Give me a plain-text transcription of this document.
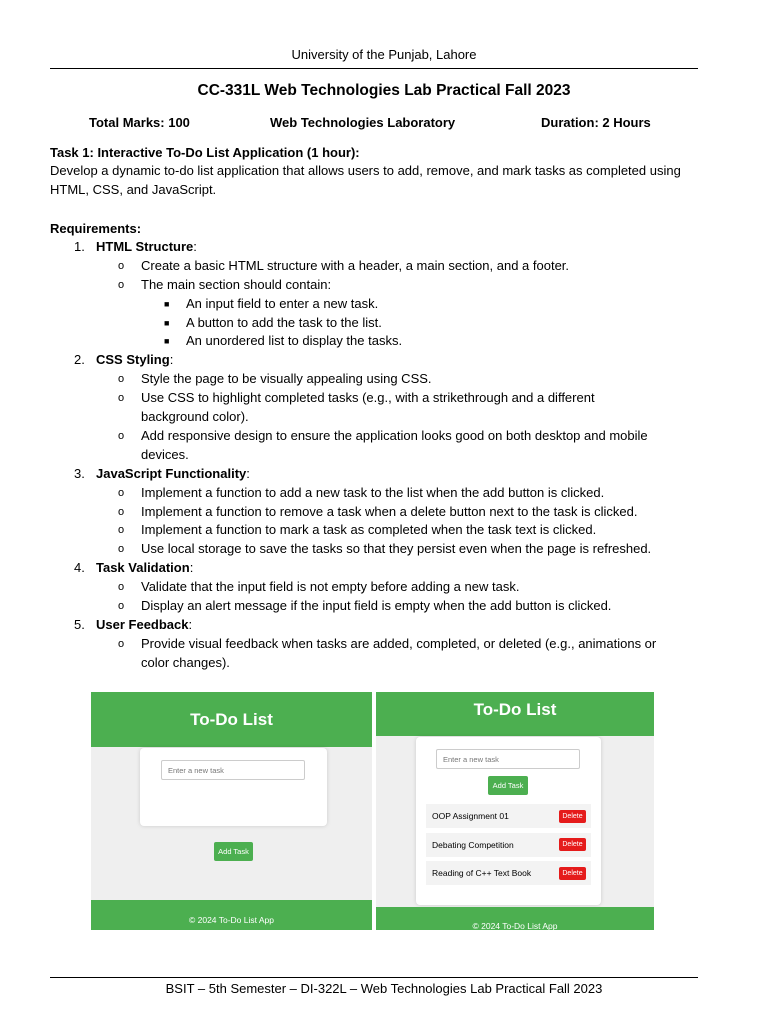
University of the Punjab, Lahore
CC-331L Web Technologies Lab Practical Fall 2023
Total Marks: 100	Web Technologies Laboratory	Duration: 2 Hours
Task 1: Interactive To-Do List Application (1 hour):
Develop a dynamic to-do list application that allows users to add, remove, and mark tasks as completed using HTML, CSS, and JavaScript.
Requirements:
1. HTML Structure:
o Create a basic HTML structure with a header, a main section, and a footer.
o The main section should contain:
■ An input field to enter a new task.
■ A button to add the task to the list.
■ An unordered list to display the tasks.
2. CSS Styling:
o Style the page to be visually appealing using CSS.
o Use CSS to highlight completed tasks (e.g., with a strikethrough and a different
background color).
o Add responsive design to ensure the application looks good on both desktop and mobile
devices.
3. JavaScript Functionality:
o Implement a function to add a new task to the list when the add button is clicked.
o Implement a function to remove a task when a delete button next to the task is clicked.
o Implement a function to mark a task as completed when the task text is clicked.
o Use local storage to save the tasks so that they persist even when the page is refreshed.
4. Task Validation:
o Validate that the input field is not empty before adding a new task.
o Display an alert message if the input field is empty when the add button is clicked.
5. User Feedback:
o Provide visual feedback when tasks are added, completed, or deleted (e.g., animations or
color changes).
To-Do List
Enter a new task
Add Task
© 2024 To-Do List App
To-Do List
Enter a new task
Add Task
OOP Assignment 01	Delete
Debating Competition	Delete
Reading of C++ Text Book	Delete
© 2024 To-Do List App
BSIT – 5th Semester – DI-322L – Web Technologies Lab Practical Fall 2023
